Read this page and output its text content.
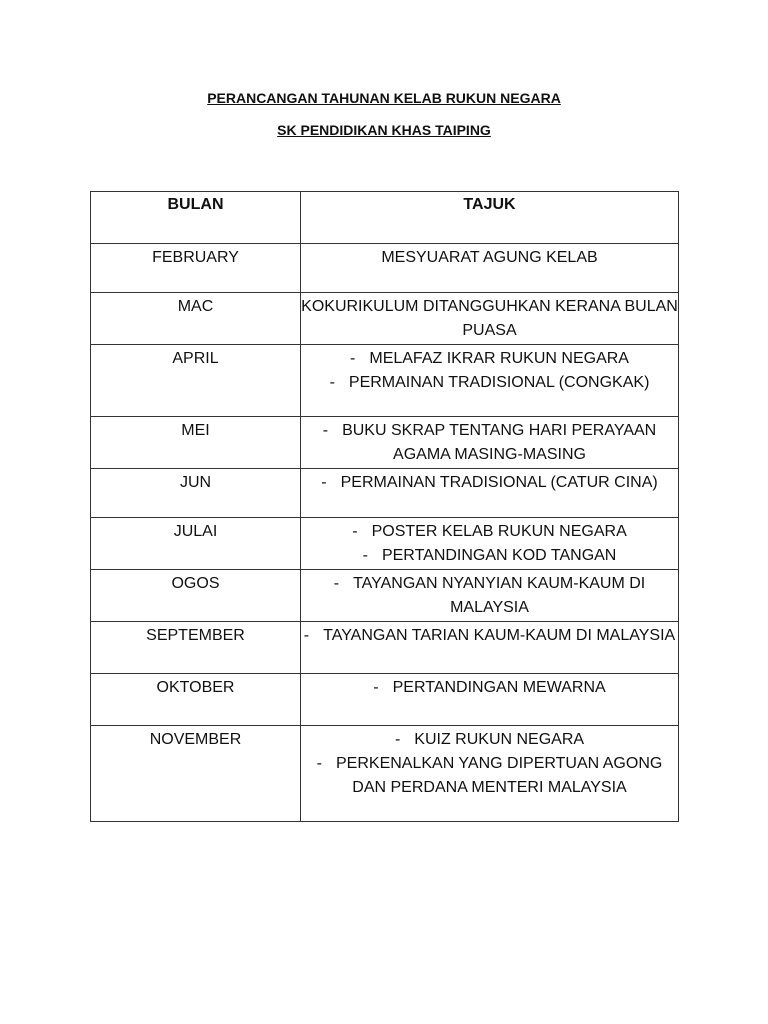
PERANCANGAN TAHUNAN KELAB RUKUN NEGARA
SK PENDIDIKAN KHAS TAIPING
BULAN	TAJUK
FEBRUARY	MESYUARAT AGUNG KELAB

MAC	KOKURIKULUM DITANGGUHKAN KERANA BULAN PUASA

APRIL	- MELAFAZ IKRAR RUKUN NEGARA
- PERMAINAN TRADISIONAL (CONGKAK)

MEI	- BUKU SKRAP TENTANG HARI PERAYAAN AGAMA MASING-MASING

JUN	- PERMAINAN TRADISIONAL (CATUR CINA)

JULAI	- POSTER KELAB RUKUN NEGARA
- PERTANDINGAN KOD TANGAN

OGOS	- TAYANGAN NYANYIAN KAUM-KAUM DI MALAYSIA

SEPTEMBER	- TAYANGAN TARIAN KAUM-KAUM DI MALAYSIA

OKTOBER	- PERTANDINGAN MEWARNA

NOVEMBER	- KUIZ RUKUN NEGARA
- PERKENALKAN YANG DIPERTUAN AGONG DAN PERDANA MENTERI MALAYSIA
